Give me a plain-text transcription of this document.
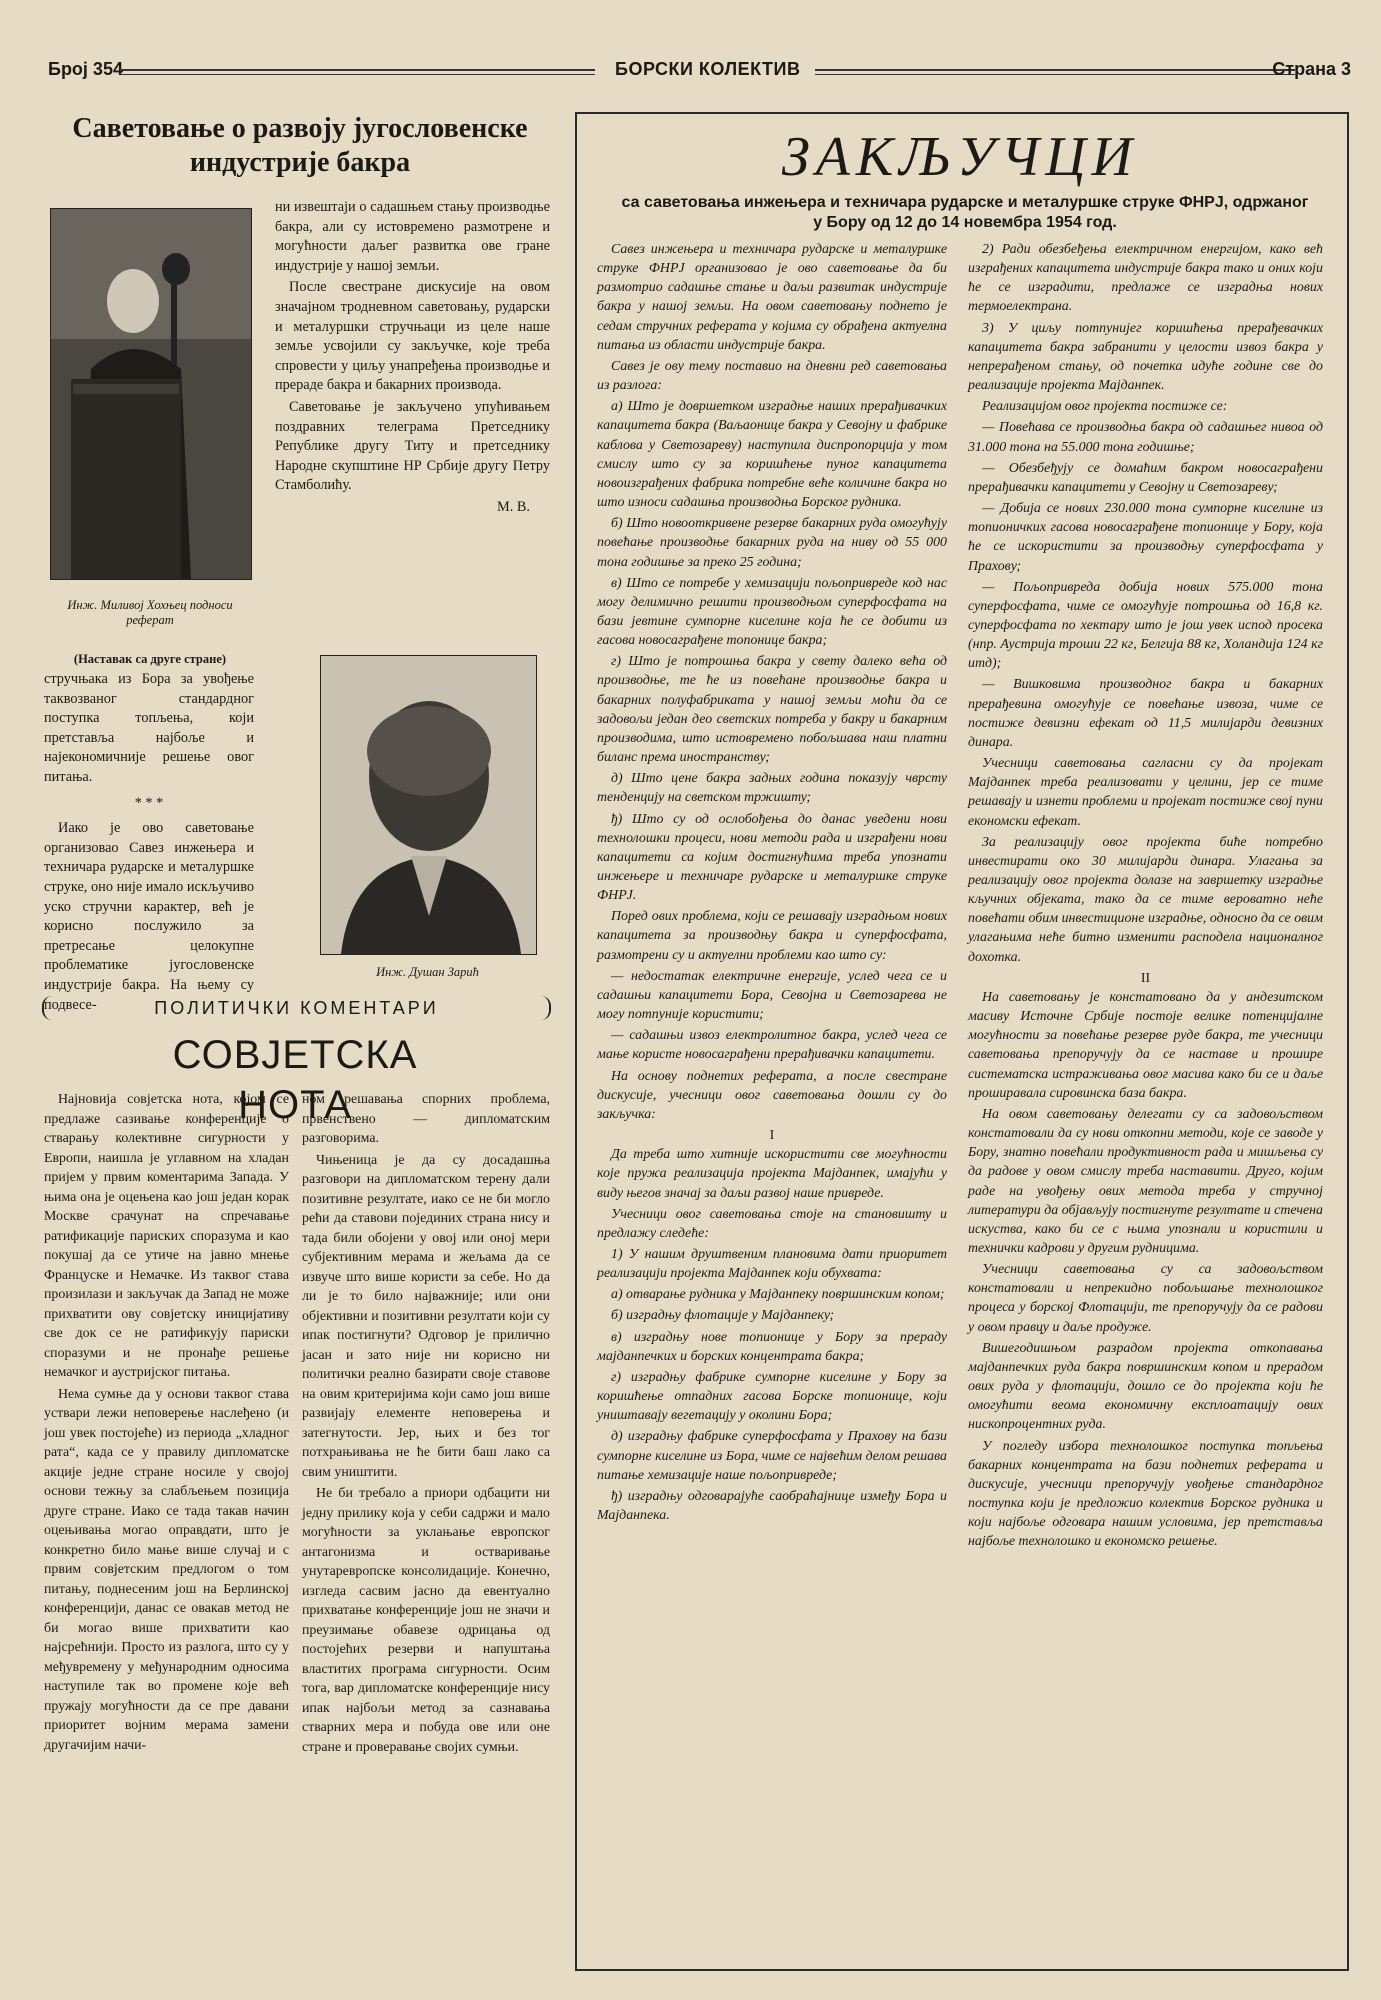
Број 354	БОРСКИ КОЛЕКТИВ	Страна 3
Саветовање о развоју југословенске индустрије бакра
Инж. Миливој Хохњец подноси реферат

ни извештаји о садашњем стању производње бакра, али су истовремено размотрене и могућности даљег развитка ове гране индустрије у нашој земљи.

После свестране дискусије на овом значајном тродневном саветовању, рударски и металуршки стручњаци из целе наше земље усвојили су закључке, које треба спровести у циљу унапређења производње и прераде бакра и бакарних производа.

Саветовање је закључено упућивањем поздравних телеграма Претседнику Републике другу Титу и претседнику Народне скупштине НР Србије другу Петру Стамболићу.

М. В.
(Наставак са друге стране)

стручњака из Бора за увођење таквозваног стандардног поступка топљења, који претставља најбоље и најекономичније решење овог питања.

* * *

Иако је ово саветовање организовао Савез инжењера и техничара рударске и металуршке струке, оно није имало искључиво уско стручни карактер, већ је корисно послужило за претресање целокупне проблематике југословенске индустрије бакра. На њему су подвесе-

Инж. Душан Зарић
ПОЛИТИЧКИ КОМЕНТАРИ
СОВЈЕТСКА НОТА

Најновија совјетска нота, којом се предлаже сазивање конференције о стварању колективне сигурности у Европи, наишла је углавном на хладан пријем у првим коментарима Запада. У њима она је оцењена као још један корак Москве срачунат на спречавање ратификације париских споразума и као покушај да се утиче на јавно мнење Француске и Немачке. Из таквог става произилази и закључак да Запад не може прихватити ову совјетску иницијативу све док се не ратификују париски споразуми и не пронађе решење немачког и аустријског питања.

Нема сумње да у основи таквог става уствари лежи неповерење наслеђено (и још увек постојеће) из периода „хладног рата“, када се у правилу дипломатске акције једне стране носиле у својој основи тежњу за слабљењем позиција друге стране. Иако се тада такав начин оцењивања могао оправдати, што је конкретно било мање више случај и с првим совјетским предлогом о том питању, поднесеним још на Берлинској конференцији, данас се овакав метод не би могао више прихватити као најсрећнији. Просто из разлога, што су у међувремену у међународним односима наступиле так во промене које већ пружају могућности да се пре давани приоритет војним мерама замени другачијим начи-

ном решавања спорних проблема, првенствено — дипломатским разговорима.

Чињеница је да су досадашња разговори на дипломатском терену дали позитивне резултате, иако се не би могло рећи да ставови појединих страна нису и тада били обојени у овој или оној мери субјективним мерама и жељама да се извуче што више користи за себе. Но да ли је то било најважније; или они објективни и позитивни резултати који су ипак постигнути? Одговор је прилично јасан и зато није ни корисно ни политички реално базирати своје ставове на овим критеријима који само још више развијају елементе неповерења и затегнутости. Јер, њих и без тог потхрањивања не ће бити баш лако са свим уништити.

Не би требало а приори одбацити ни једну прилику која у себи садржи и мало могућности за уклањање европског антагонизма и остваривање унутаревропске консолидације. Конечно, изгледа сасвим јасно да евентуално прихватање конференције још не значи и преузимање обавезе одрицања од постојећих резерви и напуштања властитих програма сигурности. Осим тога, вар дипломатске конференције нису ипак најбољи метод за сазнавања стварних мера и побуда ове или оне стране и проверавање својих сумњи.

ЗАКЉУЧЦИ
са саветовања инжењера и техничара рударске и металуршке струке ФНРЈ, одржаног у Бору од 12 до 14 новембра 1954 год.

Савез инжењера и техничара рударске и металуршке струке ФНРЈ организовао је ово саветовање да би размотрио садашње стање и даљи развитак индустрије бакра у нашој земљи. На овом саветовању поднето је седам стручних реферата у којима су обрађена актуелна питања из области индустрије бакра.

Савез је ову тему поставио на дневни ред саветовања из разлога:

а) Што је довршетком изградње наших прерађивачких капацитета бакра (Ваљаонице бакра у Севојну и фабрике каблова у Светозареву) наступила диспропорција у том смислу што су за коришћење пуног капацитета новоизграђених фабрика потребне веће количине бакра но што износи садашња производња Борског рудника.

б) Што новооткривене резерве бакарних руда омогућују повећање производње бакарних руда на ниву од 55 000 тона годишње за преко 25 година;

в) Што се потребе у хемизацији пољопривреде код нас могу делимично решити производњом суперфосфата на бази јевтине сумпорне киселине која ће се добити из гасова новосаграђене топонице бакра;

г) Што је потрошња бакра у свету далеко већа од производње, те ће из повећане производње бакра и бакарних полуфабриката у нашој земљи моћи да се задовољи један део светских потреба у бакру и бакарним производима, што истовремено побољшава наш платни биланс према иностранству;

д) Што цене бакра задњих година показују чврсту тенденцију на светском тржишту;

ђ) Што су од ослобођења до данас уведени нови технолошки процеси, нови методи рада и изграђени нови капацитети са којим достигнућима треба упознати инжењере и техничаре рударске и металуршке струке ФНРЈ.

Поред ових проблема, који се решавају изградњом нових капацитета за производњу бакра и суперфосфата, размотрени су и актуелни проблеми као што су:

— недостатак електричне енергије, услед чега се и садашњи капацитети Бора, Севојна и Светозарева не могу потпуније користити;

— садашњи извоз електролитног бакра, услед чега се мање користе новосаграђени прерађивачки капацитети.

На основу поднетих реферата, а после свестране дискусије, учесници овог саветовања дошли су до закључка:

I

Да треба што хитније искористити све могућности које пружа реализација пројекта Мајданпек, имајући у виду његов значај за даљи развој наше привреде.

Учесници овог саветовања стоје на становишту и предлажу следеће:

1) У нашим друштвеним плановима дати приоритет реализацији пројекта Мајданпек који обухвата:

а) отварање рудника у Мајданпеку површинским копом;

б) изградњу флотације у Мајданпеку;

в) изградњу нове топионице у Бору за прераду мајданпечких и борских концентрата бакра;

г) изградњу фабрике сумпорне киселине у Бору за коришћење отпадних гасова Борске топионице, који уништавају вегетацију у околини Бора;

д) изградњу фабрике суперфосфата у Прахову на бази сумпорне киселине из Бора, чиме се највећим делом решава питање хемизације наше пољопривреде;

ђ) изградњу одговарајуће саобраћајнице између Бора и Мајданпека.

2) Ради обезбеђења електричном енергијом, како већ изграђених капацитета индустрије бакра тако и оних који ће се изградити, предлаже се изградња нових термоелектрана.

3) У циљу потпунијег коришћења прерађевачких капацитета бакра забранити у целости извоз бакра у непрерађеном стању, од почетка идуће године све до реализације пројекта Мајданпек.

Реализацијом овог пројекта постиже се:

— Повећава се производња бакра од садашњег нивоа од 31.000 тона на 55.000 тона годишње;

— Обезбеђују се домаћим бакром новосаграђени прерађивачки капацитети у Севојну и Светозареву;

— Добија се нових 230.000 тона сумпорне киселине из топионичких гасова новосаграђене топионице у Бору, која ће се искористити за производњу суперфосфата у Прахову;

— Пољопривреда добија нових 575.000 тона суперфосфата, чиме се омогућује потрошња од 16,8 кг. суперфосфата по хектару што је још увек испод просека (нпр. Аустрија троши 22 кг, Белгија 88 кг, Холандија 124 кг итд);

— Вишковима производног бакра и бакарних прерађевина омогућује се повећање извоза, чиме се постиже девизни ефекат од 11,5 милијарди девизних динара.

Учесници саветовања сагласни су да пројекат Мајданпек треба реализовати у целини, јер се тиме решавају и изнети проблеми и пројекат постиже свој пуни економски ефекат.

За реализацију овог пројекта биће потребно инвестирати око 30 милијарди динара. Улагања за реализацију овог пројекта долазе на завршетку изградње кључних објеката, тако да се тиме вероватно неће повећати обим инвестиционе изградње, односно да се овим улагањима неће битно изменити расподела националног дохотка.

II

На саветовању је констатовано да у андезитском масиву Источне Србије постоје велике потенцијалне могућности за повећање резерве руде бакра, те учесници саветовања препоручују да се наставе и прошире систематска истраживања овог масива како би се и даље проширавала сировинска база бакра.

На овом саветовању делегати су са задовољством констатовали да су нови откопни методи, које се заводе у Бору, знатно повећали продуктивност рада и мишљења су да радове у овом смислу треба наставити. Друго, којим раде на увођењу ових метода треба у стручној литератури да објављују постигнуте резултате и стечена искуства, како би се с њима упознали и користили и технички кадрови у другим рудницима.

Учесници саветовања су са задовољством констатовали и непрекидно побољшање технолошког процеса у борској Флотацији, те препоручују да се радови у овом правцу и даље продуже.

Вишегодишњом разрадом пројекта откопавања мајданпечких руда бакра површинским копом и прерадом ових руда у флотацији, дошло се до пројекта који ће омогућити веома економичну експлоатацију ових нископроцентних руда.

У погледу избора технолошког поступка топљења бакарних концентрата на бази поднетих реферата и дискусије, учесници препоручују увођење стандардног поступка који је предложио колектив Борског рудника и који најбоље одговара нашим условима, јер претставља најбоље технолошко и економско решење.
